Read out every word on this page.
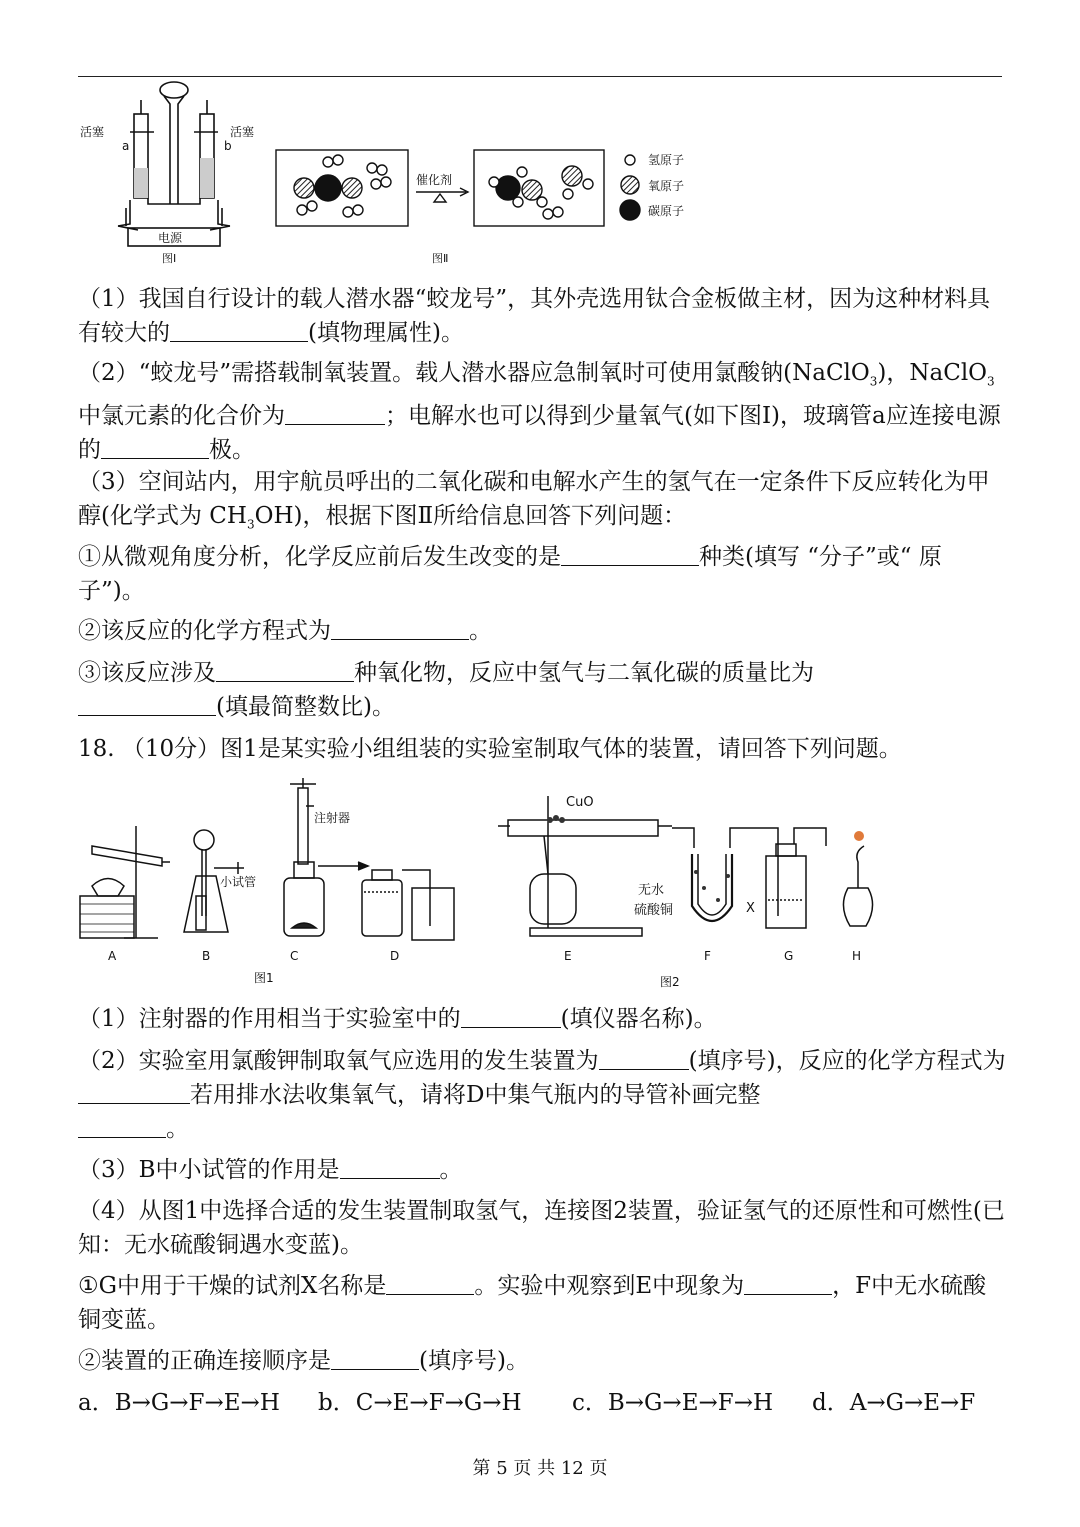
活塞	活塞
a	b
电源
图Ⅰ
催化剂
氢原子
氧原子
碳原子
图Ⅱ

（1）我国自行设计的载人潜水器“蛟龙号”，其外壳选用钛合金板做主材，因为这种材料具有较大的	(填物理属性)。

（2）“蛟龙号”需搭载制氧装置。载人潜水器应急制氧时可使用氯酸钠(NaClO$_3$)，NaClO$_3$中氯元素的化合价为	；电解水也可以得到少量氧气(如下图Ⅰ)，玻璃管a应连接电源的	极。

（3）空间站内，用宇航员呼出的二氧化碳和电解水产生的氢气在一定条件下反应转化为甲醇(化学式为 $CH_3OH$)，根据下图Ⅱ所给信息回答下列问题：

①从微观角度分析，化学反应前后发生改变的是	种类(填写 “分子”或“ 原子”)。

②该反应的化学方程式为	。

③该反应涉及	种氧化物，反应中氢气与二氧化碳的质量比为

(填最简整数比)。

18. （10分）图1是某实验小组组装的实验室制取气体的装置，请回答下列问题。

注射器
小试管
CuO
无水
硫酸铜	X
A	B	C	D	E	F	G	H
图1	图2

（1）注射器的作用相当于实验室中的	(填仪器名称)。

（2）实验室用氯酸钾制取氧气应选用的发生装置为	(填序号)，反应的化学方程式为若用排水法收集氧气，请将D中集气瓶内的导管补画完整
。

（3）B中小试管的作用是	。

（4）从图1中选择合适的发生装置制取氢气，连接图2装置，验证氢气的还原性和可燃性(已知：无水硫酸铜遇水变蓝)。

①G中用于干燥的试剂X名称是	。实验中观察到E中现象为	，F中无水硫酸铜变蓝。

②装置的正确连接顺序是	(填序号)。

a．B→G→F→E→H b．C→E→F→G→H c．B→G→E→F→H d．A→G→E→F
第 5 页 共 12 页
